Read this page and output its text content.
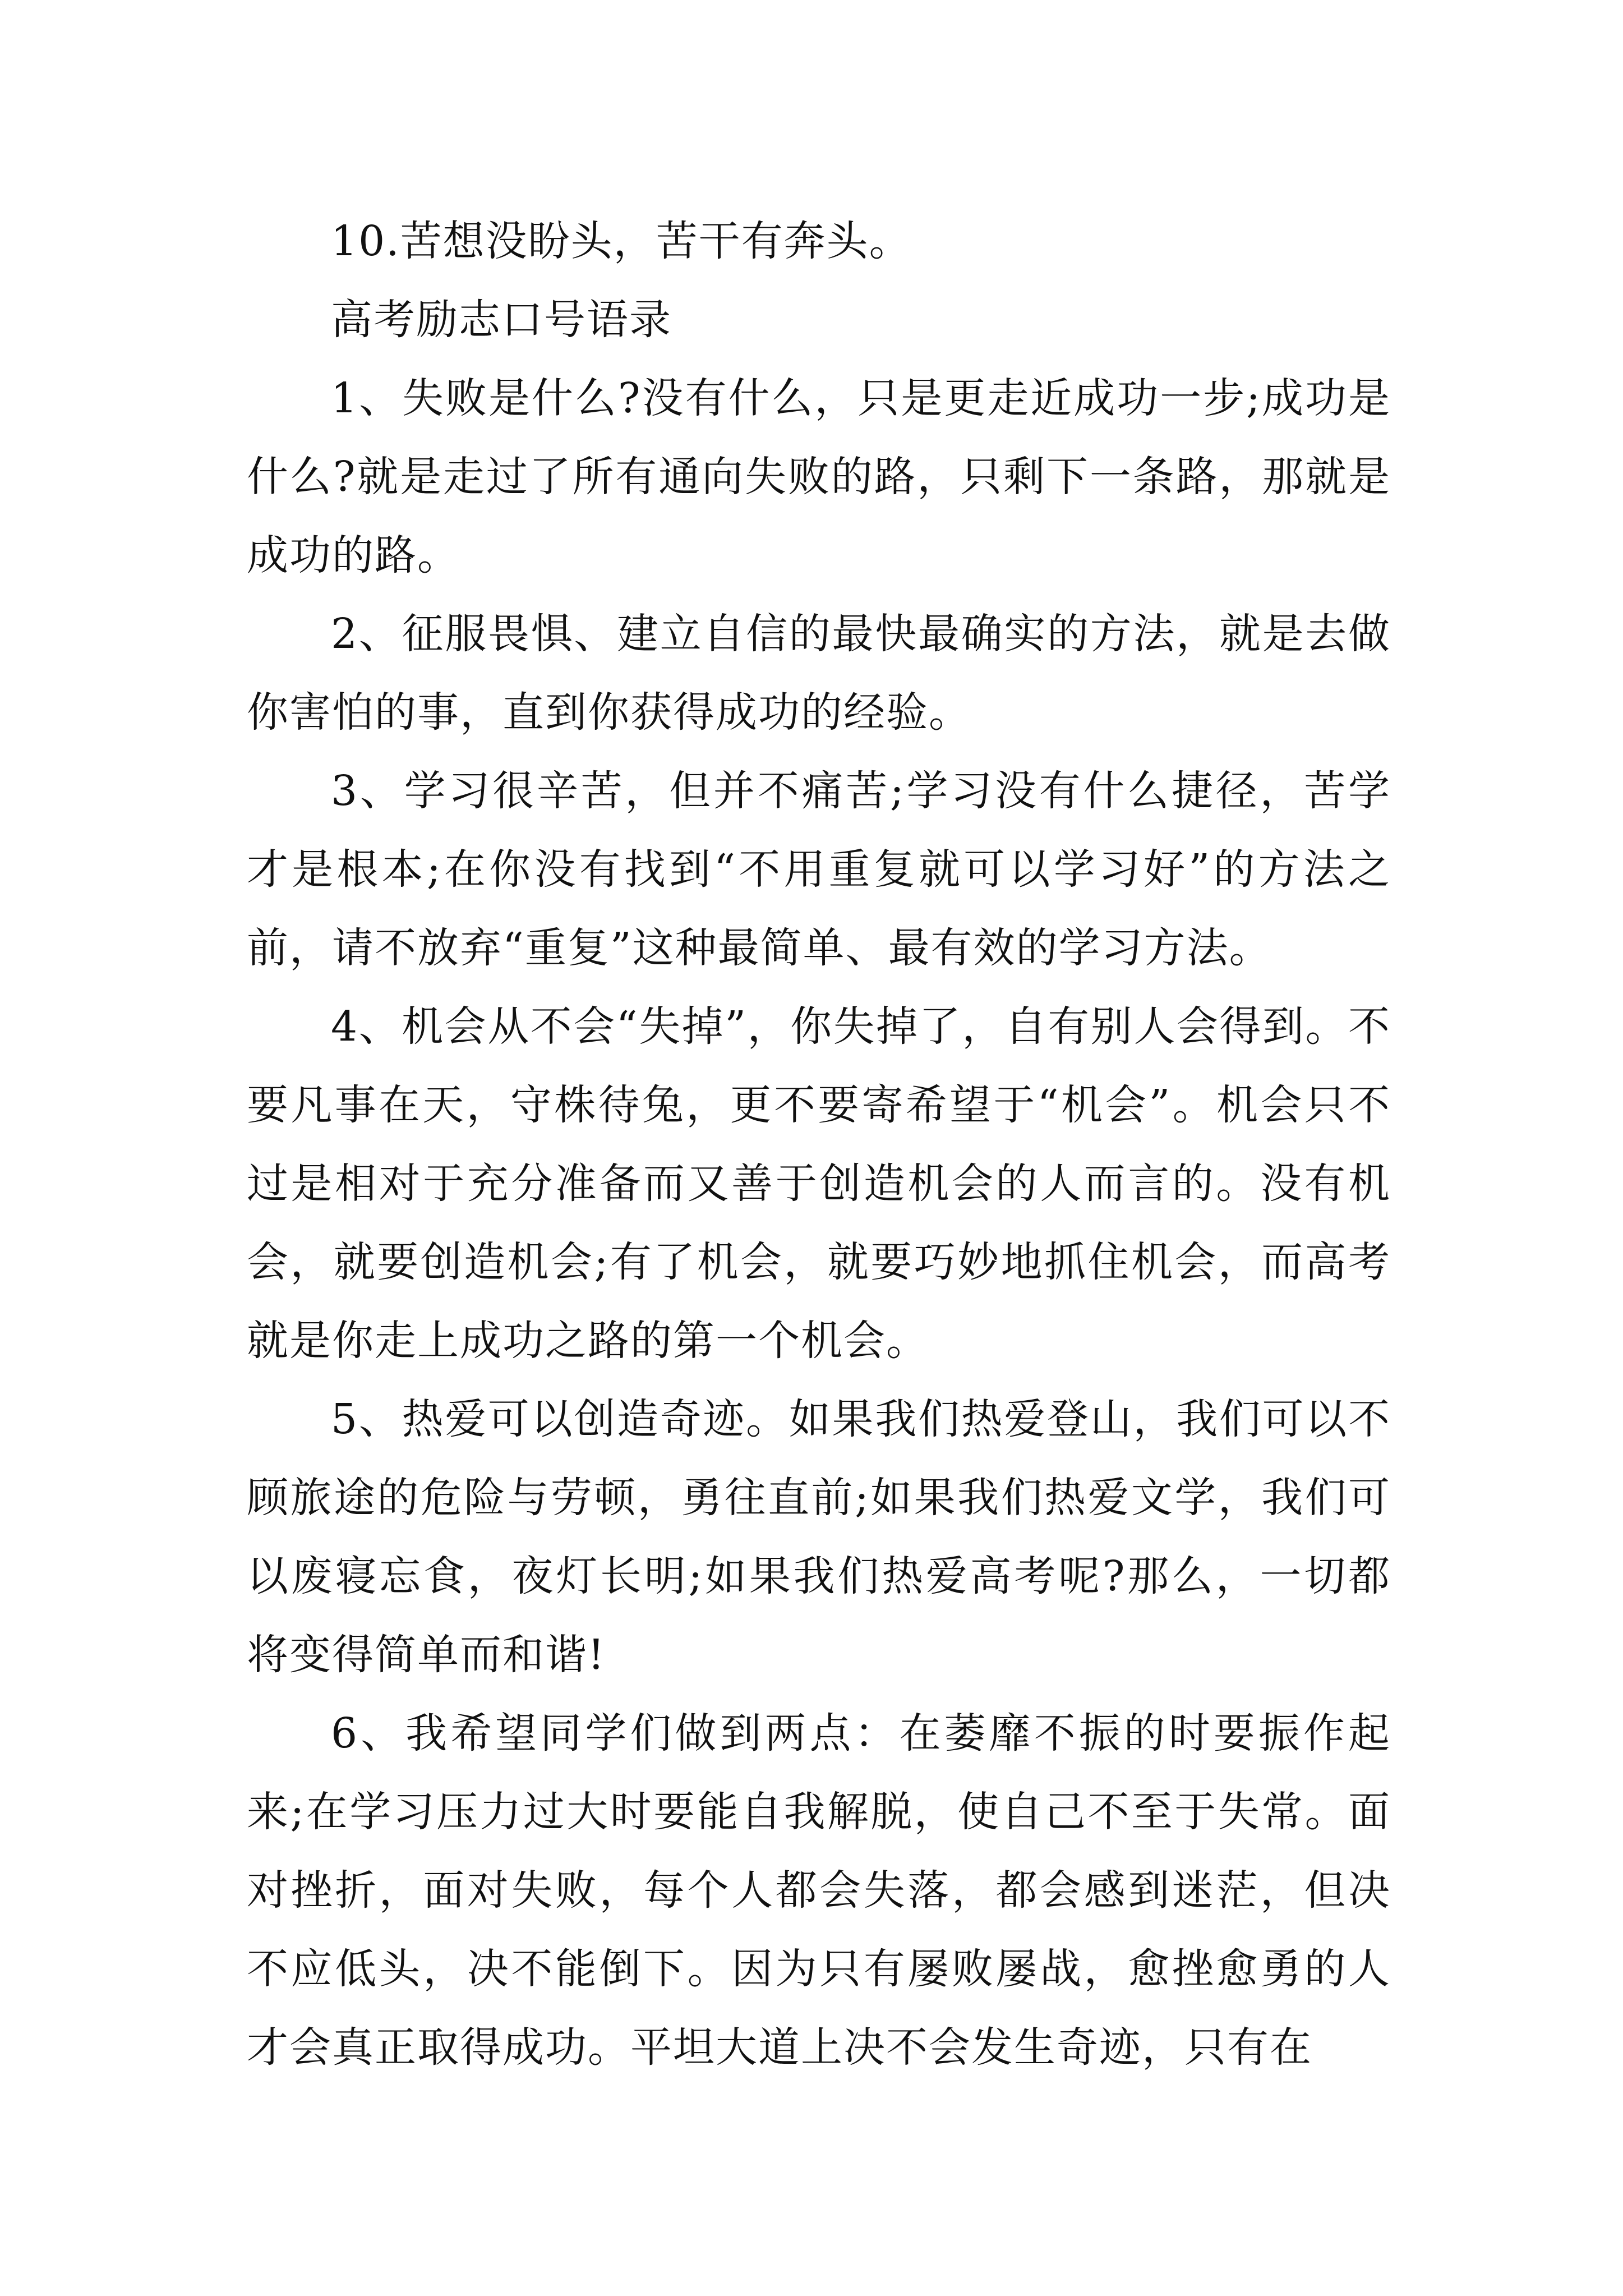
10.苦想没盼头，苦干有奔头。

高考励志口号语录

1、失败是什么?没有什么，只是更走近成功一步;成功是什么?就是走过了所有通向失败的路，只剩下一条路，那就是成功的路。

2、征服畏惧、建立自信的最快最确实的方法，就是去做你害怕的事，直到你获得成功的经验。

3、学习很辛苦，但并不痛苦;学习没有什么捷径，苦学才是根本;在你没有找到“不用重复就可以学习好”的方法之前，请不放弃“重复”这种最简单、最有效的学习方法。

4、机会从不会“失掉”，你失掉了，自有别人会得到。不要凡事在天，守株待兔，更不要寄希望于“机会”。机会只不过是相对于充分准备而又善于创造机会的人而言的。没有机会，就要创造机会;有了机会，就要巧妙地抓住机会，而高考就是你走上成功之路的第一个机会。

5、热爱可以创造奇迹。如果我们热爱登山，我们可以不顾旅途的危险与劳顿，勇往直前;如果我们热爱文学，我们可以废寝忘食，夜灯长明;如果我们热爱高考呢?那么，一切都将变得简单而和谐!

6、我希望同学们做到两点：在萎靡不振的时要振作起来;在学习压力过大时要能自我解脱，使自己不至于失常。面对挫折，面对失败，每个人都会失落，都会感到迷茫，但决不应低头，决不能倒下。因为只有屡败屡战，愈挫愈勇的人才会真正取得成功。平坦大道上决不会发生奇迹，只有在
